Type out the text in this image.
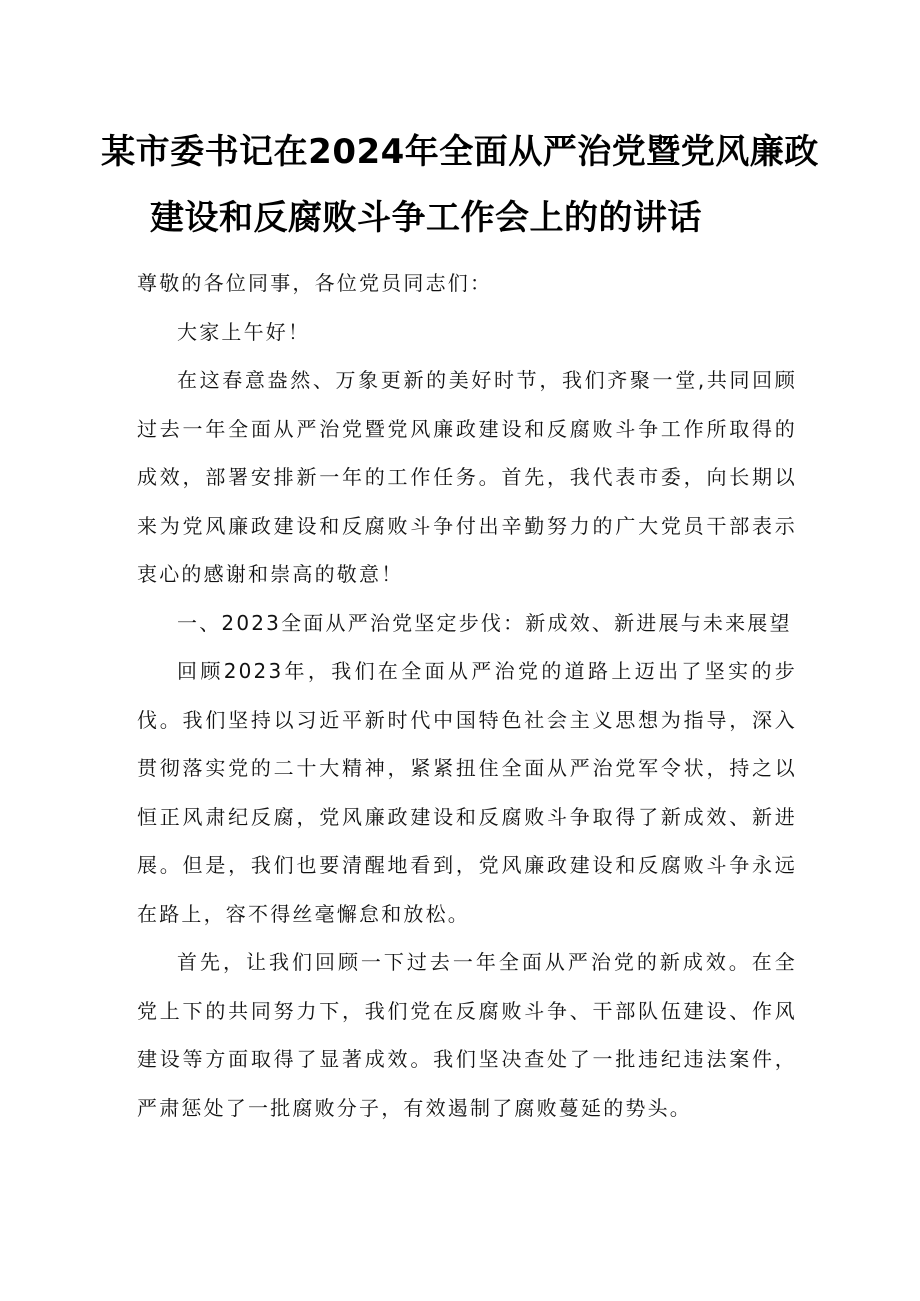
某市委书记在2024年全面从严治党暨党风廉政
建设和反腐败斗争工作会上的的讲话

尊敬的各位同事，各位党员同志们：

大家上午好！

在这春意盎然、万象更新的美好时节，我们齐聚一堂,共同回顾过去一年全面从严治党暨党风廉政建设和反腐败斗争工作所取得的成效，部署安排新一年的工作任务。首先，我代表市委，向长期以来为党风廉政建设和反腐败斗争付出辛勤努力的广大党员干部表示衷心的感谢和崇高的敬意！

一、2023全面从严治党坚定步伐：新成效、新进展与未来展望

回顾2023年，我们在全面从严治党的道路上迈出了坚实的步伐。我们坚持以习近平新时代中国特色社会主义思想为指导，深入贯彻落实党的二十大精神，紧紧扭住全面从严治党军令状，持之以恒正风肃纪反腐，党风廉政建设和反腐败斗争取得了新成效、新进展。但是，我们也要清醒地看到，党风廉政建设和反腐败斗争永远在路上，容不得丝毫懈怠和放松。

首先，让我们回顾一下过去一年全面从严治党的新成效。在全党上下的共同努力下，我们党在反腐败斗争、干部队伍建设、作风建设等方面取得了显著成效。我们坚决查处了一批违纪违法案件，严肃惩处了一批腐败分子，有效遏制了腐败蔓延的势头。
